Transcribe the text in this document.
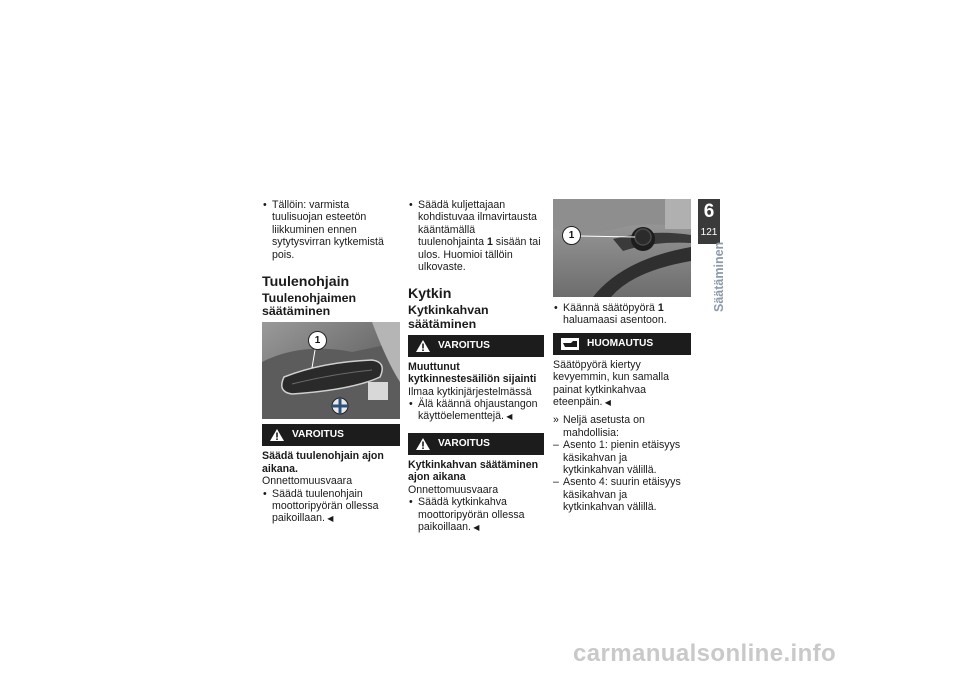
• Tällöin: varmista tuulisuojan esteetön liikkuminen ennen sytytysvirran kytkemistä pois.
Tuulenohjain
Tuulenohjaimen säätäminen
1
VAROITUS
Säädä tuulenohjain ajon aikana.
Onnettomuusvaara
• Säädä tuulenohjain moottoripyörän ollessa paikoillaan. ◀
• Säädä kuljettajaan kohdistuvaa ilmavirtausta kääntämällä tuulenohjainta 1 sisään tai ulos. Huomioi tällöin ulkovaste.
Kytkin
Kytkinkahvan säätäminen
VAROITUS
Muuttunut kytkinnestesäiliön sijainti
Ilmaa kytkinjärjestelmässä
• Älä käännä ohjaustangon käyttöelementtejä. ◀
VAROITUS
Kytkinkahvan säätäminen ajon aikana
Onnettomuusvaara
• Säädä kytkinkahva moottoripyörän ollessa paikoillaan. ◀
1
• Käännä säätöpyörä 1 haluamaasi asentoon.
HUOMAUTUS
Säätöpyörä kiertyy kevyemmin, kun samalla painat kytkinkahvaa eteenpäin. ◀
» Neljä asetusta on mahdollisia:
– Asento 1: pienin etäisyys käsikahvan ja kytkinkahvan välillä.
– Asento 4: suurin etäisyys käsikahvan ja kytkinkahvan välillä.
6
121
Säätäminen
carmanualsonline.info
